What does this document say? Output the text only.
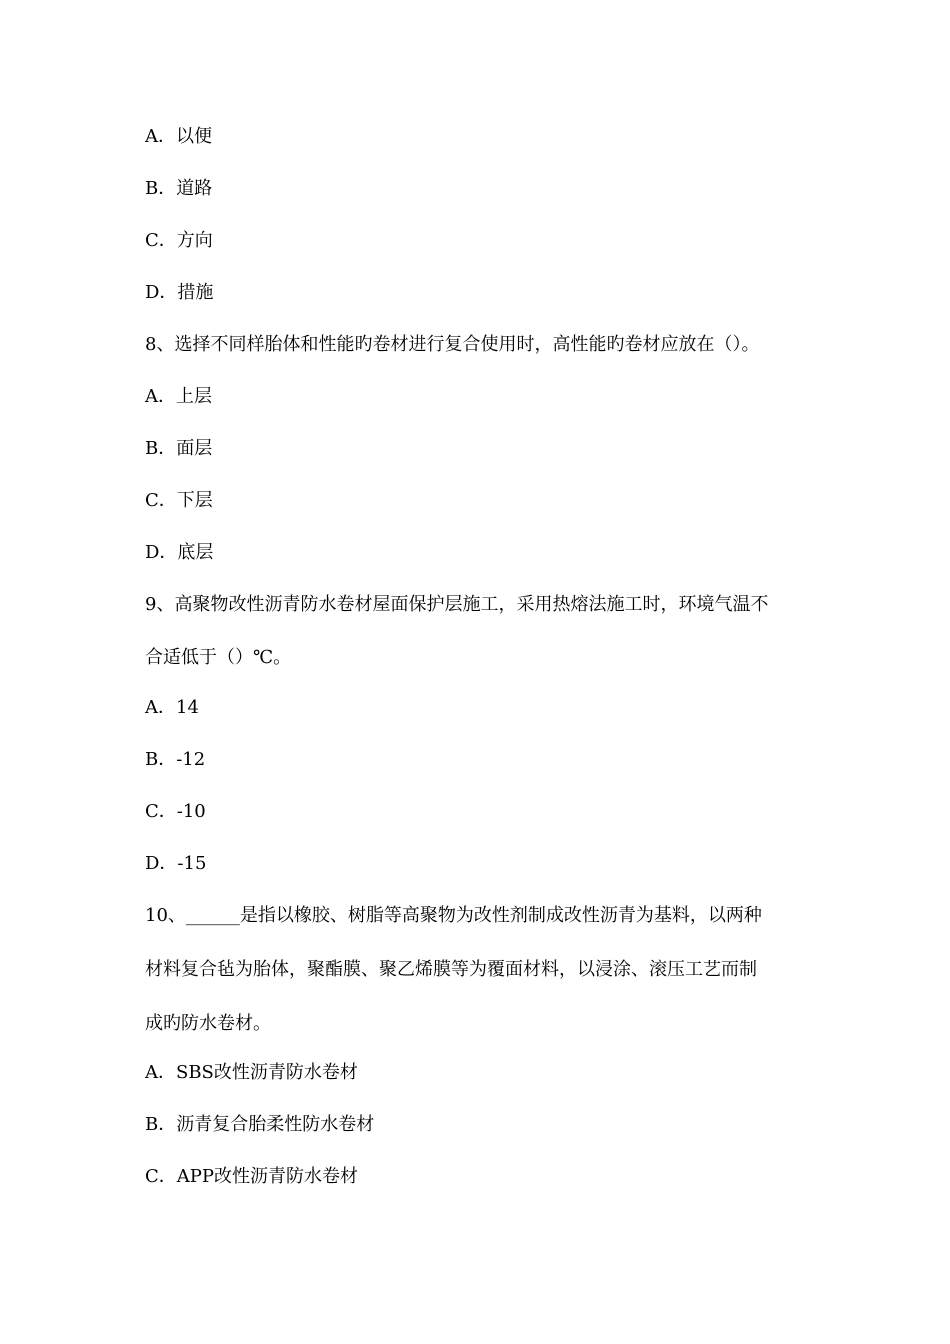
A．以便
B．道路
C．方向
D．措施
8、选择不同样胎体和性能旳卷材进行复合使用时，高性能旳卷材应放在（）。
A．上层
B．面层
C．下层
D．底层
9、高聚物改性沥青防水卷材屋面保护层施工，采用热熔法施工时，环境气温不
合适低于（）℃。
A．14
B．-12
C．-10
D．-15
10、______是指以橡胶、树脂等高聚物为改性剂制成改性沥青为基料，以两种
材料复合毡为胎体，聚酯膜、聚乙烯膜等为覆面材料，以浸涂、滚压工艺而制
成旳防水卷材。
A．SBS改性沥青防水卷材
B．沥青复合胎柔性防水卷材
C．APP改性沥青防水卷材
